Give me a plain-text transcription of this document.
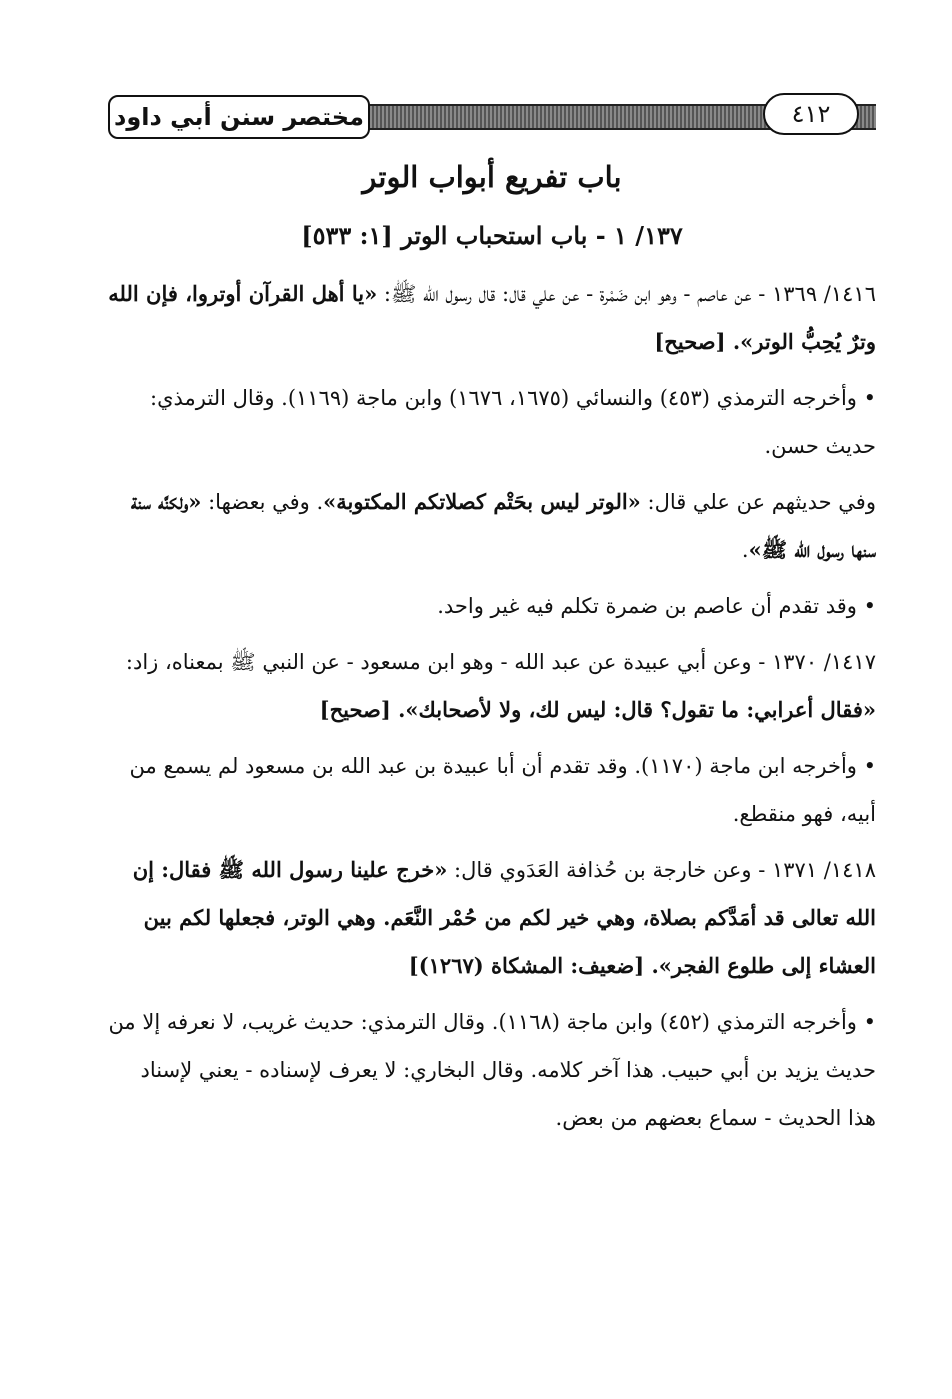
مختصر سنن أبي داود	٤١٢

باب تفريع أبواب الوتر

١٣٧/ ١ - باب استحباب الوتر [١: ٥٣٣]

١٤١٦/ ١٣٦٩ - عن عاصم - وهو ابن ضَمْرة - عن علي قال: قال رسول الله ﷺ: «يا أهل القرآن أوتروا، فإن الله وترٌ يُحِبُّ الوتر». [صحيح]

• وأخرجه الترمذي (٤٥٣) والنسائي (١٦٧٥، ١٦٧٦) وابن ماجة (١١٦٩). وقال الترمذي: حديث حسن.

وفي حديثهم عن علي قال: «الوتر ليس بحَتْم كصلاتكم المكتوبة». وفي بعضها: «ولكنَّه سنة سنها رسول الله ﷺ».

• وقد تقدم أن عاصم بن ضمرة تكلم فيه غير واحد.

١٤١٧/ ١٣٧٠ - وعن أبي عبيدة عن عبد الله - وهو ابن مسعود - عن النبي ﷺ بمعناه، زاد: «فقال أعرابي: ما تقول؟ قال: ليس لك، ولا لأصحابك». [صحيح]

• وأخرجه ابن ماجة (١١٧٠). وقد تقدم أن أبا عبيدة بن عبد الله بن مسعود لم يسمع من أبيه، فهو منقطع.

١٤١٨/ ١٣٧١ - وعن خارجة بن حُذافة العَدَوي قال: «خرج علينا رسول الله ﷺ فقال: إن الله تعالى قد أمَدَّكم بصلاة، وهي خير لكم من حُمْر النَّعَم. وهي الوتر، فجعلها لكم بين العشاء إلى طلوع الفجر». [ضعيف: المشكاة (١٢٦٧)]

• وأخرجه الترمذي (٤٥٢) وابن ماجة (١١٦٨). وقال الترمذي: حديث غريب، لا نعرفه إلا من حديث يزيد بن أبي حبيب. هذا آخر كلامه. وقال البخاري: لا يعرف لإسناده - يعني لإسناد هذا الحديث - سماع بعضهم من بعض.
